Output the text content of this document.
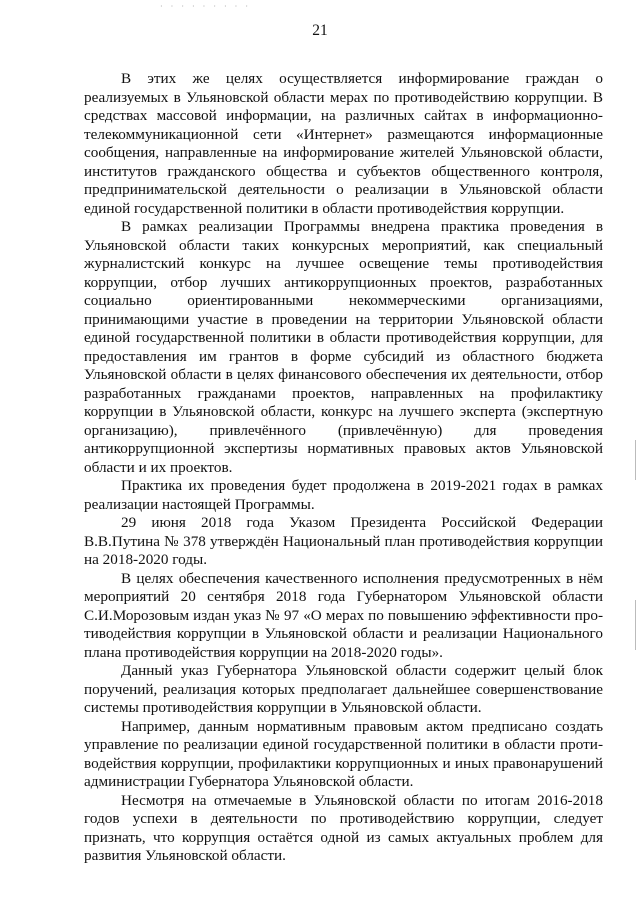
· · · · · · · · ·
21

В этих же целях осуществляется информирование граждан о реализуемых в Ульяновской области мерах по противодействию коррупции. В средствах массовой информации, на различных сайтах в информационно-телекоммуникационной сети «Интернет» размещаются информационные сообщения, направленные на информирование жителей Ульяновской области, институтов гражданского общества и субъектов общественного контроля, предпринимательской деятельности о реализации в Ульяновской области единой государственной политики в области противодействия коррупции.

В рамках реализации Программы внедрена практика проведения в Ульяновской области таких конкурсных мероприятий, как специальный журналистский конкурс на лучшее освещение темы противодействия коррупции, отбор лучших антикоррупционных проектов, разработанных социально ориентированными некоммерческими организациями, принимающими участие в проведении на территории Ульяновской области единой государственной политики в области противодействия коррупции, для предоставления им грантов в форме субсидий из областного бюджета Ульяновской области в целях финансового обеспечения их деятельности, отбор разработанных гражданами проектов, направленных на профилактику коррупции в Ульяновской области, конкурс на лучшего эксперта (экспертную организацию), привлечённого (привлечённую) для проведения антикоррупционной экспертизы нормативных правовых актов Ульяновской области и их проектов.

Практика их проведения будет продолжена в 2019-2021 годах в рамках реализации настоящей Программы.

29 июня 2018 года Указом Президента Российской Федерации В.В.Путина № 378 утверждён Национальный план противодействия коррупции на 2018-2020 годы.

В целях обеспечения качественного исполнения предусмотренных в нём мероприятий 20 сентября 2018 года Губернатором Ульяновской области С.И.Морозовым издан указ № 97 «О мерах по повышению эффективности противодействия коррупции в Ульяновской области и реализации Национального плана противодействия коррупции на 2018-2020 годы».

Данный указ Губернатора Ульяновской области содержит целый блок поручений, реализация которых предполагает дальнейшее совершенствование системы противодействия коррупции в Ульяновской области.

Например, данным нормативным правовым актом предписано создать управление по реализации единой государственной политики в области противодействия коррупции, профилактики коррупционных и иных правонарушений администрации Губернатора Ульяновской области.

Несмотря на отмечаемые в Ульяновской области по итогам 2016-2018 годов успехи в деятельности по противодействию коррупции, следует признать, что коррупция остаётся одной из самых актуальных проблем для развития Ульяновской области.
